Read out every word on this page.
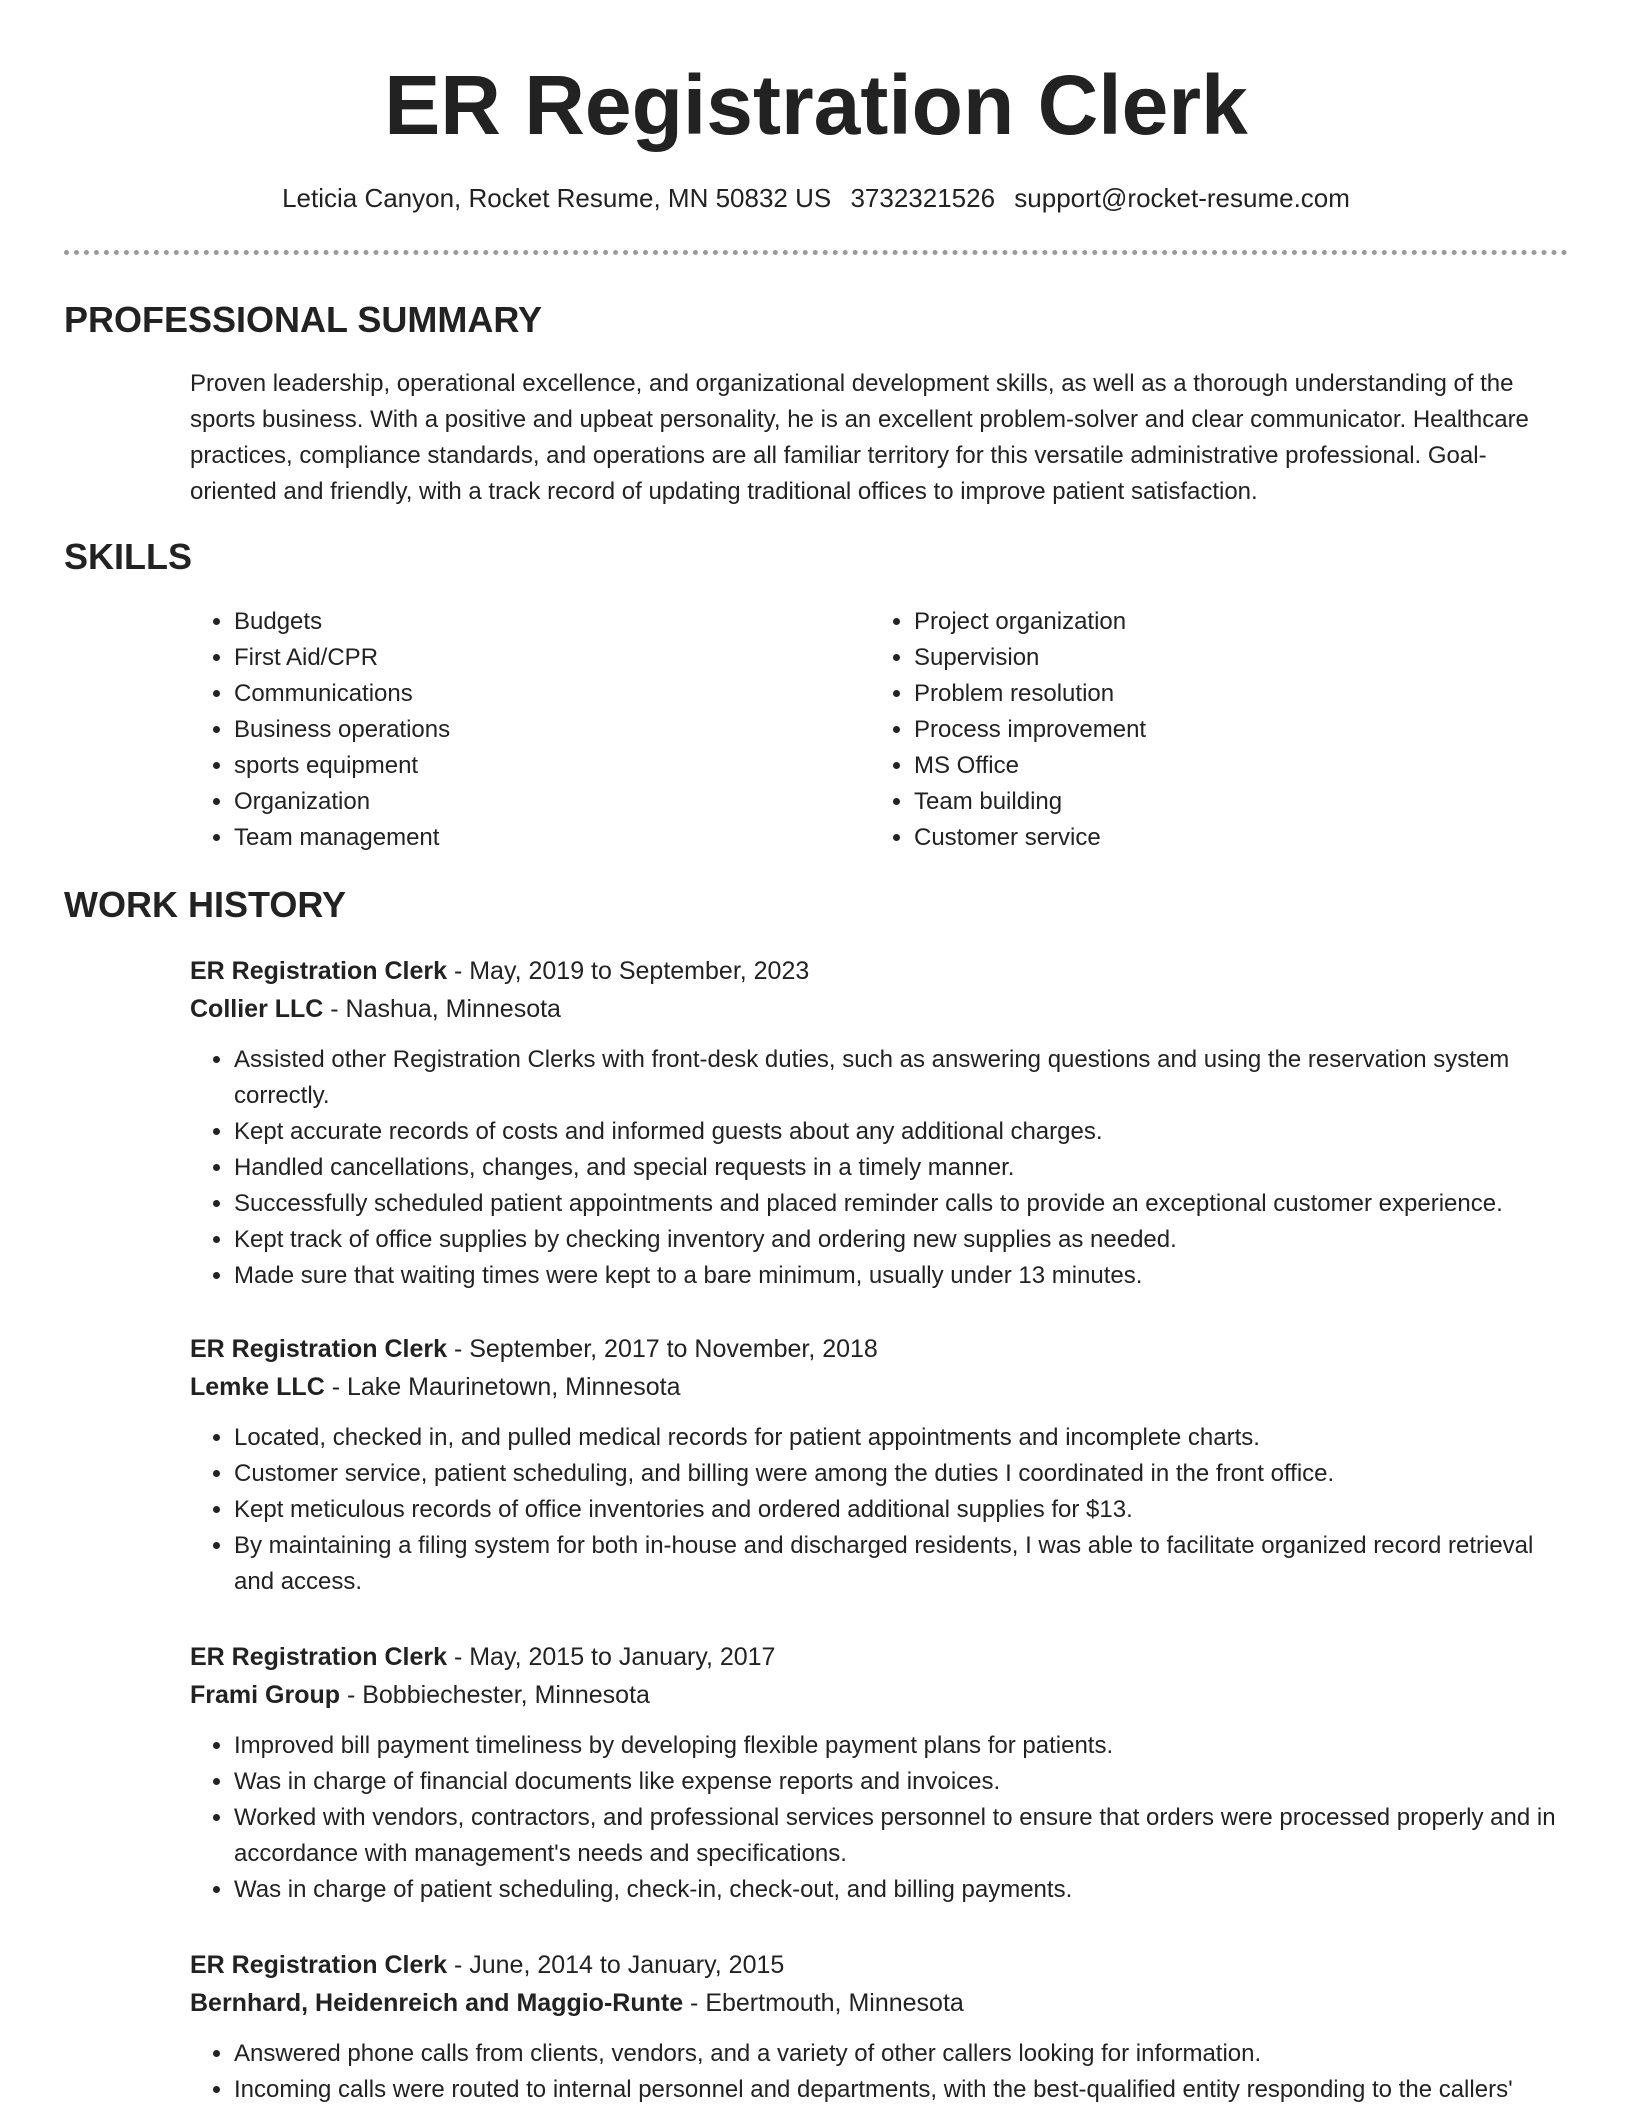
ER Registration Clerk
Leticia Canyon, Rocket Resume, MN 50832 US 3732321526 support@rocket-resume.com
PROFESSIONAL SUMMARY

Proven leadership, operational excellence, and organizational development skills, as well as a thorough understanding of the sports business. With a positive and upbeat personality, he is an excellent problem-solver and clear communicator. Healthcare practices, compliance standards, and operations are all familiar territory for this versatile administrative professional. Goal-oriented and friendly, with a track record of updating traditional offices to improve patient satisfaction.

SKILLS
• Budgets
• First Aid/CPR
• Communications
• Business operations
• sports equipment
• Organization
• Team management
• Project organization
• Supervision
• Problem resolution
• Process improvement
• MS Office
• Team building
• Customer service
WORK HISTORY
ER Registration Clerk - May, 2019 to September, 2023
Collier LLC - Nashua, Minnesota
• Assisted other Registration Clerks with front-desk duties, such as answering questions and using the reservation system correctly.
• Kept accurate records of costs and informed guests about any additional charges.
• Handled cancellations, changes, and special requests in a timely manner.
• Successfully scheduled patient appointments and placed reminder calls to provide an exceptional customer experience.
• Kept track of office supplies by checking inventory and ordering new supplies as needed.
• Made sure that waiting times were kept to a bare minimum, usually under 13 minutes.
ER Registration Clerk - September, 2017 to November, 2018
Lemke LLC - Lake Maurinetown, Minnesota
• Located, checked in, and pulled medical records for patient appointments and incomplete charts.
• Customer service, patient scheduling, and billing were among the duties I coordinated in the front office.
• Kept meticulous records of office inventories and ordered additional supplies for $13.
• By maintaining a filing system for both in-house and discharged residents, I was able to facilitate organized record retrieval and access.
ER Registration Clerk - May, 2015 to January, 2017
Frami Group - Bobbiechester, Minnesota
• Improved bill payment timeliness by developing flexible payment plans for patients.
• Was in charge of financial documents like expense reports and invoices.
• Worked with vendors, contractors, and professional services personnel to ensure that orders were processed properly and in accordance with management's needs and specifications.
• Was in charge of patient scheduling, check-in, check-out, and billing payments.
ER Registration Clerk - June, 2014 to January, 2015
Bernhard, Heidenreich and Maggio-Runte - Ebertmouth, Minnesota
• Answered phone calls from clients, vendors, and a variety of other callers looking for information.
• Incoming calls were routed to internal personnel and departments, with the best-qualified entity responding to the callers'
